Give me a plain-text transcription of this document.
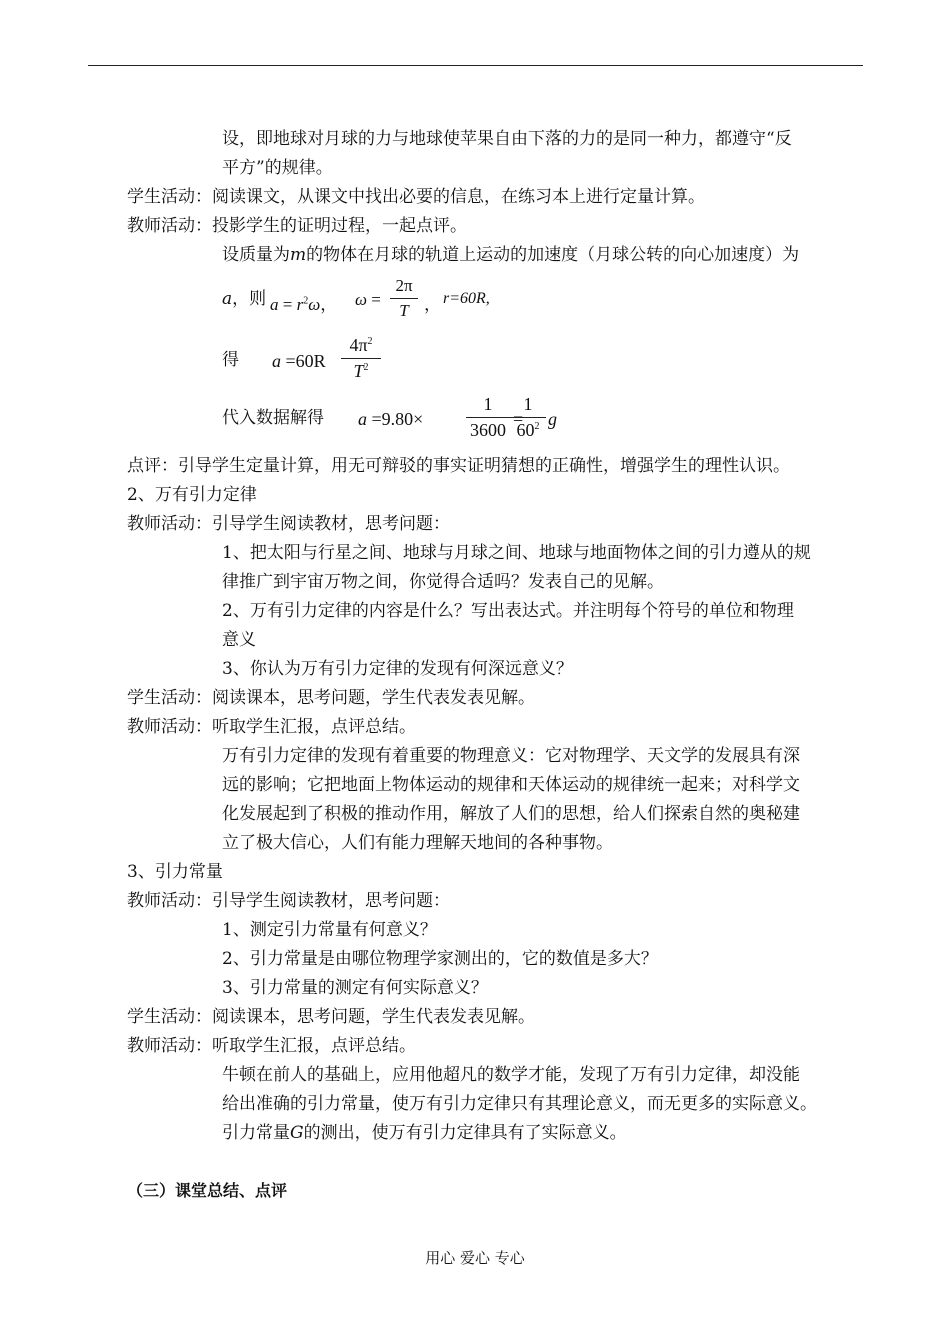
设，即地球对月球的力与地球使苹果自由下落的力的是同一种力，都遵守“反
平方”的规律。
学生活动：阅读课文，从课文中找出必要的信息，在练习本上进行定量计算。
教师活动：投影学生的证明过程，一起点评。
设质量为m的物体在月球的轨道上运动的加速度（月球公转的向心加速度）为
a，则 $a = r^2\omega$， ω =
2π
T ， r=60R,
得 a =60R
$4\pi^2$
$T^2$
代入数据解得 a =9.80×
1
3600
=
1
$60^2$ g
点评：引导学生定量计算，用无可辩驳的事实证明猜想的正确性，增强学生的理性认识。
2、万有引力定律
教师活动：引导学生阅读教材，思考问题：
1、把太阳与行星之间、地球与月球之间、地球与地面物体之间的引力遵从的规
律推广到宇宙万物之间，你觉得合适吗？发表自己的见解。
2、万有引力定律的内容是什么？写出表达式。并注明每个符号的单位和物理
意义
3、你认为万有引力定律的发现有何深远意义？
学生活动：阅读课本，思考问题，学生代表发表见解。
教师活动：听取学生汇报，点评总结。
万有引力定律的发现有着重要的物理意义：它对物理学、天文学的发展具有深
远的影响；它把地面上物体运动的规律和天体运动的规律统一起来；对科学文
化发展起到了积极的推动作用，解放了人们的思想，给人们探索自然的奥秘建
立了极大信心，人们有能力理解天地间的各种事物。
3、引力常量
教师活动：引导学生阅读教材，思考问题：
1、测定引力常量有何意义？
2、引力常量是由哪位物理学家测出的，它的数值是多大？
3、引力常量的测定有何实际意义？
学生活动：阅读课本，思考问题，学生代表发表见解。
教师活动：听取学生汇报，点评总结。
牛顿在前人的基础上，应用他超凡的数学才能，发现了万有引力定律，却没能
给出准确的引力常量，使万有引力定律只有其理论意义，而无更多的实际意义。
引力常量G的测出，使万有引力定律具有了实际意义。
（三）课堂总结、点评
用心 爱心 专心
